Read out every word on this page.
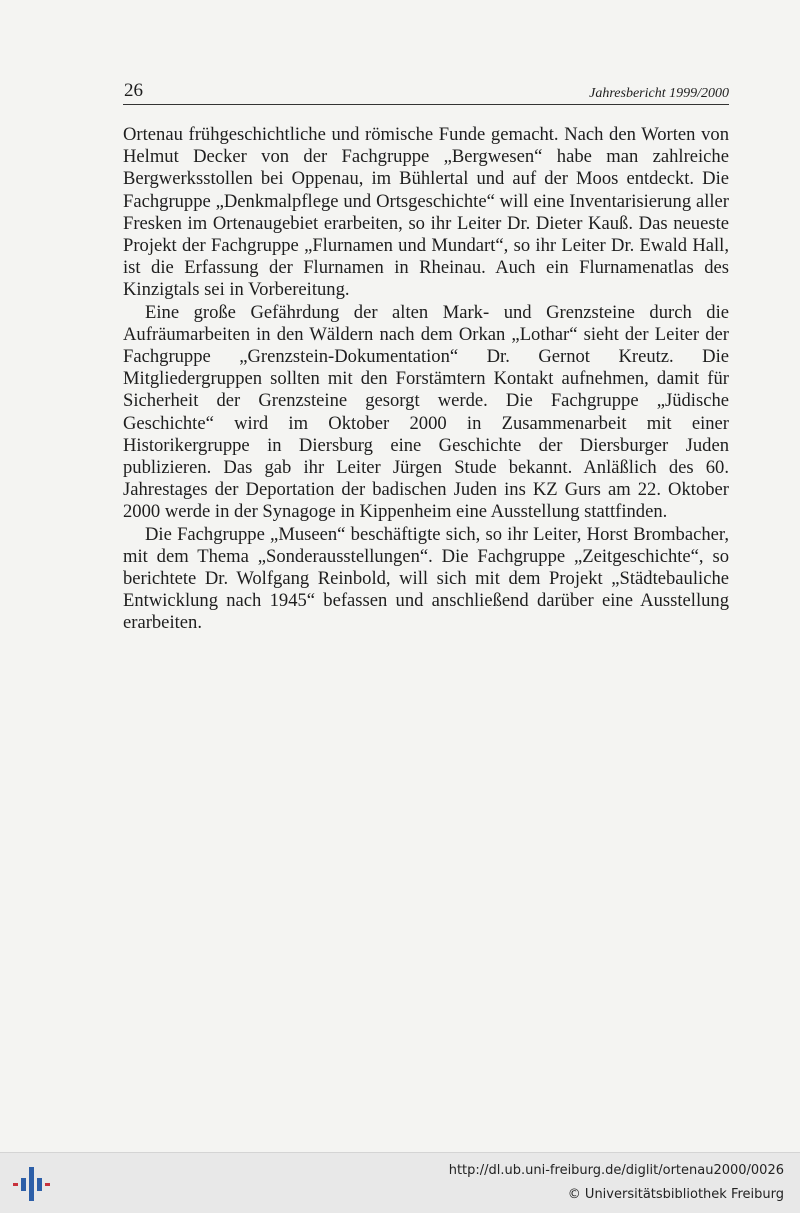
26	Jahresbericht 1999/2000

Ortenau frühgeschichtliche und römische Funde gemacht. Nach den Worten von Helmut Decker von der Fachgruppe „Bergwesen“ habe man zahlreiche Bergwerksstollen bei Oppenau, im Bühlertal und auf der Moos entdeckt. Die Fachgruppe „Denkmalpflege und Ortsgeschichte“ will eine Inventarisierung aller Fresken im Ortenaugebiet erarbeiten, so ihr Leiter Dr. Dieter Kauß. Das neueste Projekt der Fachgruppe „Flurnamen und Mundart“, so ihr Leiter Dr. Ewald Hall, ist die Erfassung der Flurnamen in Rheinau. Auch ein Flurnamenatlas des Kinzigtals sei in Vorbereitung.

Eine große Gefährdung der alten Mark- und Grenzsteine durch die Aufräumarbeiten in den Wäldern nach dem Orkan „Lothar“ sieht der Leiter der Fachgruppe „Grenzstein-Dokumentation“ Dr. Gernot Kreutz. Die Mitgliedergruppen sollten mit den Forstämtern Kontakt aufnehmen, damit für Sicherheit der Grenzsteine gesorgt werde. Die Fachgruppe „Jüdische Geschichte“ wird im Oktober 2000 in Zusammenarbeit mit einer Historikergruppe in Diersburg eine Geschichte der Diersburger Juden publizieren. Das gab ihr Leiter Jürgen Stude bekannt. Anläßlich des 60. Jahrestages der Deportation der badischen Juden ins KZ Gurs am 22. Oktober 2000 werde in der Synagoge in Kippenheim eine Ausstellung stattfinden.

Die Fachgruppe „Museen“ beschäftigte sich, so ihr Leiter, Horst Brombacher, mit dem Thema „Sonderausstellungen“. Die Fachgruppe „Zeitgeschichte“, so berichtete Dr. Wolfgang Reinbold, will sich mit dem Projekt „Städtebauliche Entwicklung nach 1945“ befassen und anschließend darüber eine Ausstellung erarbeiten.

http://dl.ub.uni-freiburg.de/diglit/ortenau2000/0026
© Universitätsbibliothek Freiburg
